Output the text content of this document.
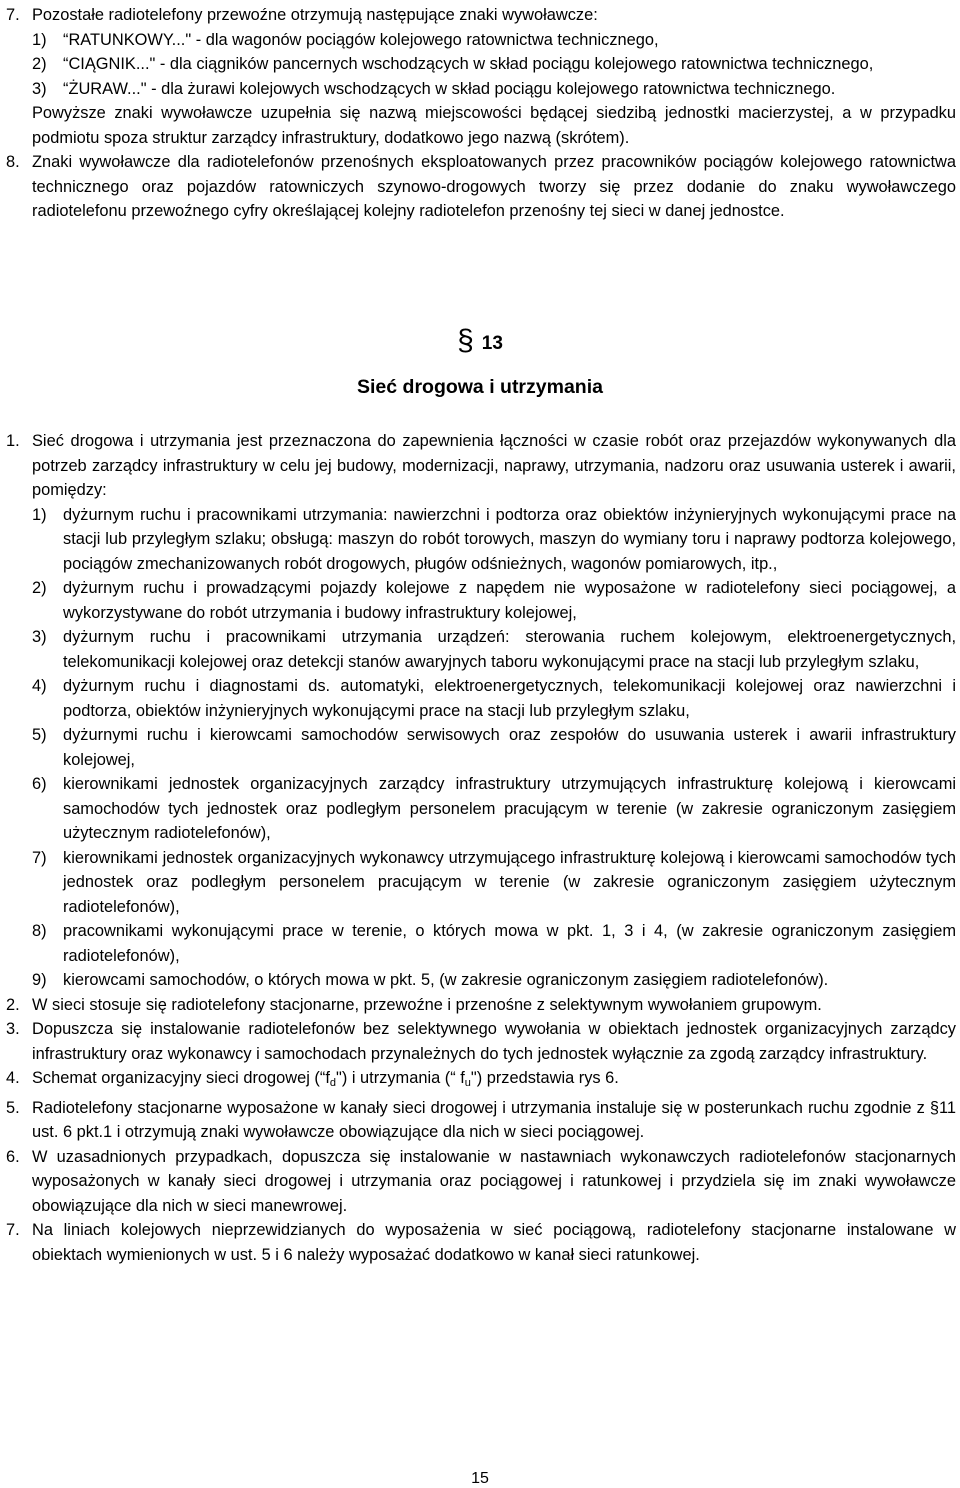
7. Pozostałe radiotelefony przewoźne otrzymują następujące znaki wywoławcze:
1)	“RATUNKOWY..." - dla wagonów pociągów kolejowego ratownictwa technicznego,
2)	“CIĄGNIK..." - dla ciągników pancernych wschodzących w skład pociągu kolejowego ratownictwa technicznego,
3)	“ŻURAW..." - dla żurawi kolejowych wschodzących w skład pociągu kolejowego ratownictwa technicznego.
Powyższe znaki wywoławcze uzupełnia się nazwą miejscowości będącej siedzibą jednostki macierzystej, a w przypadku podmiotu spoza struktur zarządcy infrastruktury, dodatkowo jego nazwą (skrótem).
8. Znaki wywoławcze dla radiotelefonów przenośnych eksploatowanych przez pracowników pociągów kolejowego ratownictwa technicznego oraz pojazdów ratowniczych szynowo-drogowych tworzy się przez dodanie do znaku wywoławczego radiotelefonu przewoźnego cyfry określającej kolejny radiotelefon przenośny tej sieci w danej jednostce.
§ 13
Sieć drogowa i utrzymania
1. Sieć drogowa i utrzymania jest przeznaczona do zapewnienia łączności w czasie robót oraz przejazdów wykonywanych dla potrzeb zarządcy infrastruktury w celu jej budowy, modernizacji, naprawy, utrzymania, nadzoru oraz usuwania usterek i awarii, pomiędzy:
1)	dyżurnym ruchu i pracownikami utrzymania: nawierzchni i podtorza oraz obiektów inżynieryjnych wykonującymi prace na stacji lub przyległym szlaku; obsługą: maszyn do robót torowych, maszyn do wymiany toru i naprawy podtorza kolejowego, pociągów zmechanizowanych robót drogowych, pługów odśnieżnych, wagonów pomiarowych, itp.,
2)	dyżurnym ruchu i prowadzącymi pojazdy kolejowe z napędem nie wyposażone w radiotelefony sieci pociągowej, a wykorzystywane do robót utrzymania i budowy infrastruktury kolejowej,
3)	dyżurnym ruchu i pracownikami utrzymania urządzeń: sterowania ruchem kolejowym, elektroenergetycznych, telekomunikacji kolejowej oraz detekcji stanów awaryjnych taboru wykonującymi prace na stacji lub przyległym szlaku,
4)	dyżurnym ruchu i diagnostami ds. automatyki, elektroenergetycznych, telekomunikacji kolejowej oraz nawierzchni i podtorza, obiektów inżynieryjnych wykonującymi prace na stacji lub przyległym szlaku,
5)	dyżurnymi ruchu i kierowcami samochodów serwisowych oraz zespołów do usuwania usterek i awarii infrastruktury kolejowej,
6)	kierownikami jednostek organizacyjnych zarządcy infrastruktury utrzymujących infrastrukturę kolejową i kierowcami samochodów tych jednostek oraz podległym personelem pracującym w terenie (w zakresie ograniczonym zasięgiem użytecznym radiotelefonów),
7)	kierownikami jednostek organizacyjnych wykonawcy utrzymującego infrastrukturę kolejową i kierowcami samochodów tych jednostek oraz podległym personelem pracującym w terenie (w zakresie ograniczonym zasięgiem użytecznym radiotelefonów),
8)	pracownikami wykonującymi prace w terenie, o których mowa w pkt. 1, 3 i 4, (w zakresie ograniczonym zasięgiem radiotelefonów),
9)	kierowcami samochodów, o których mowa w pkt. 5, (w zakresie ograniczonym zasięgiem radiotelefonów).
2. W sieci stosuje się radiotelefony stacjonarne, przewoźne i przenośne z selektywnym wywołaniem grupowym.
3. Dopuszcza się instalowanie radiotelefonów bez selektywnego wywołania w obiektach jednostek organizacyjnych zarządcy infrastruktury oraz wykonawcy i samochodach przynależnych do tych jednostek wyłącznie za zgodą zarządcy infrastruktury.
4. Schemat organizacyjny sieci drogowej $(“f_d")$ i utrzymania (“ $f_u$") przedstawia rys 6.
5. Radiotelefony stacjonarne wyposażone w kanały sieci drogowej i utrzymania instaluje się w posterunkach ruchu zgodnie z §11 ust. 6 pkt.1 i otrzymują znaki wywoławcze obowiązujące dla nich w sieci pociągowej.
6. W uzasadnionych przypadkach, dopuszcza się instalowanie w nastawniach wykonawczych radiotelefonów stacjonarnych wyposażonych w kanały sieci drogowej i utrzymania oraz pociągowej i ratunkowej i przydziela się im znaki wywoławcze obowiązujące dla nich w sieci manewrowej.
7. Na liniach kolejowych nieprzewidzianych do wyposażenia w sieć pociągową, radiotelefony stacjonarne instalowane w obiektach wymienionych w ust. 5 i 6 należy wyposażać dodatkowo w kanał sieci ratunkowej.
15
